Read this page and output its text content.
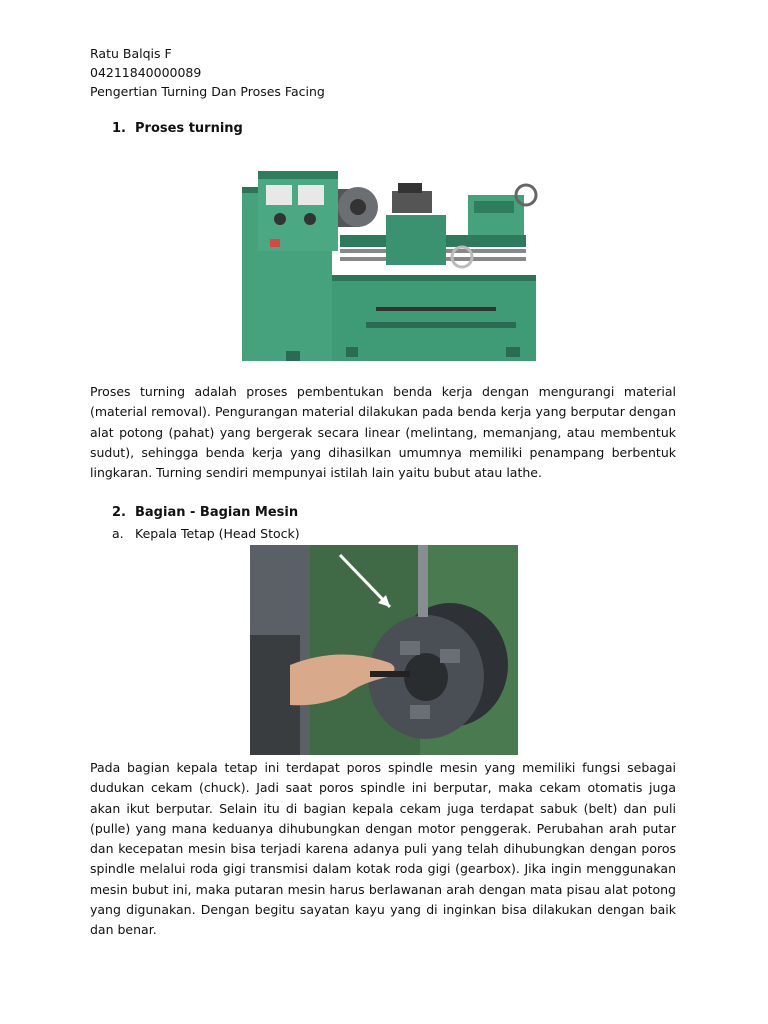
Ratu Balqis F
04211840000089
Pengertian Turning Dan Proses Facing
1. Proses turning

Proses turning adalah proses pembentukan benda kerja dengan mengurangi material (material removal). Pengurangan material dilakukan pada benda kerja yang berputar dengan alat potong (pahat) yang bergerak secara linear (melintang, memanjang, atau membentuk sudut), sehingga benda kerja yang dihasilkan umumnya memiliki penampang berbentuk lingkaran. Turning sendiri mempunyai istilah lain yaitu bubut atau lathe.

2. Bagian - Bagian Mesin
a. Kepala Tetap (Head Stock)

Pada bagian kepala tetap ini terdapat poros spindle mesin yang memiliki fungsi sebagai dudukan cekam (chuck). Jadi saat poros spindle ini berputar, maka cekam otomatis juga akan ikut berputar. Selain itu di bagian kepala cekam juga terdapat sabuk (belt) dan puli (pulle) yang mana keduanya dihubungkan dengan motor penggerak. Perubahan arah putar dan kecepatan mesin bisa terjadi karena adanya puli yang telah dihubungkan dengan poros spindle melalui roda gigi transmisi dalam kotak roda gigi (gearbox). Jika ingin menggunakan mesin bubut ini, maka putaran mesin harus berlawanan arah dengan mata pisau alat potong yang digunakan. Dengan begitu sayatan kayu yang di inginkan bisa dilakukan dengan baik dan benar.
